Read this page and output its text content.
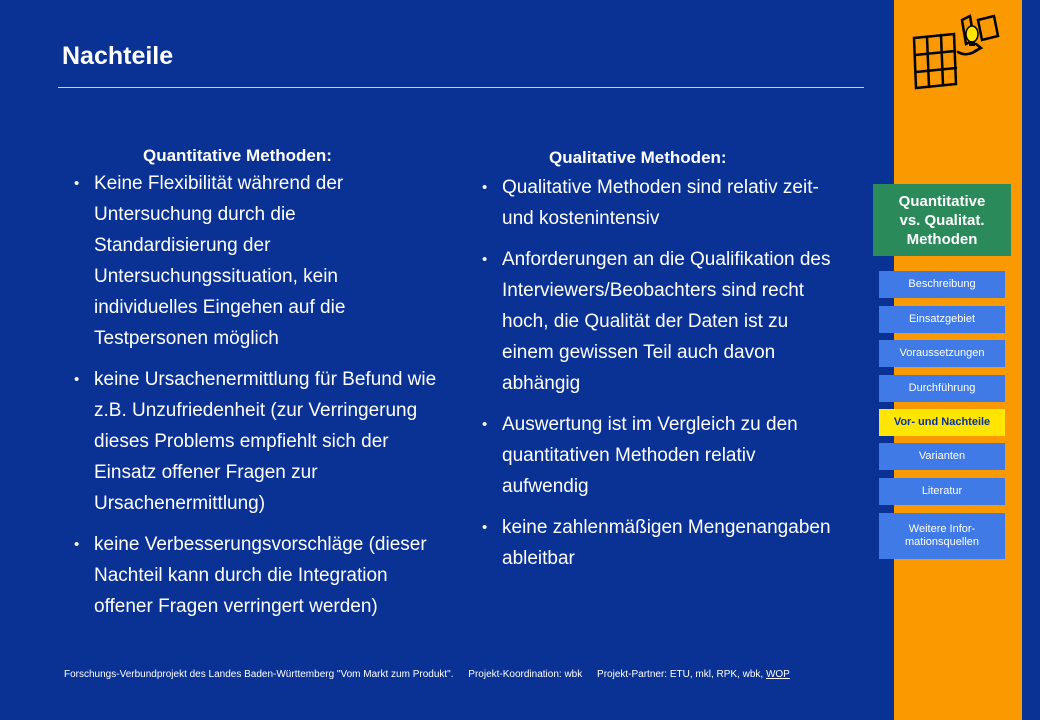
Nachteile
Quantitative Methoden:
• Keine Flexibilität während der Untersuchung durch die Standardisierung der Untersuchungssituation, kein individuelles Eingehen auf die Testpersonen möglich
• keine Ursachenermittlung für Befund wie z.B. Unzufriedenheit (zur Verringerung dieses Problems empfiehlt sich der Einsatz offener Fragen zur Ursachenermittlung)
• keine Verbesserungsvorschläge (dieser Nachteil kann durch die Integration offener Fragen verringert werden)
Qualitative Methoden:
• Qualitative Methoden sind relativ zeit- und kostenintensiv
• Anforderungen an die Qualifikation des Interviewers/Beobachters sind recht hoch, die Qualität der Daten ist zu einem gewissen Teil auch davon abhängig
• Auswertung ist im Vergleich zu den quantitativen Methoden relativ aufwendig
• keine zahlenmäßigen Mengenangaben ableitbar
Forschungs-Verbundprojekt des Landes Baden-Württemberg "Vom Markt zum Produkt". Projekt-Koordination: wbk Projekt-Partner: ETU, mkl, RPK, wbk, WOP
Quantitative
vs. Qualitat.
Methoden
Beschreibung
Einsatzgebiet
Voraussetzungen
Durchführung
Vor- und Nachteile
Varianten
Literatur
Weitere Infor-
mationsquellen
